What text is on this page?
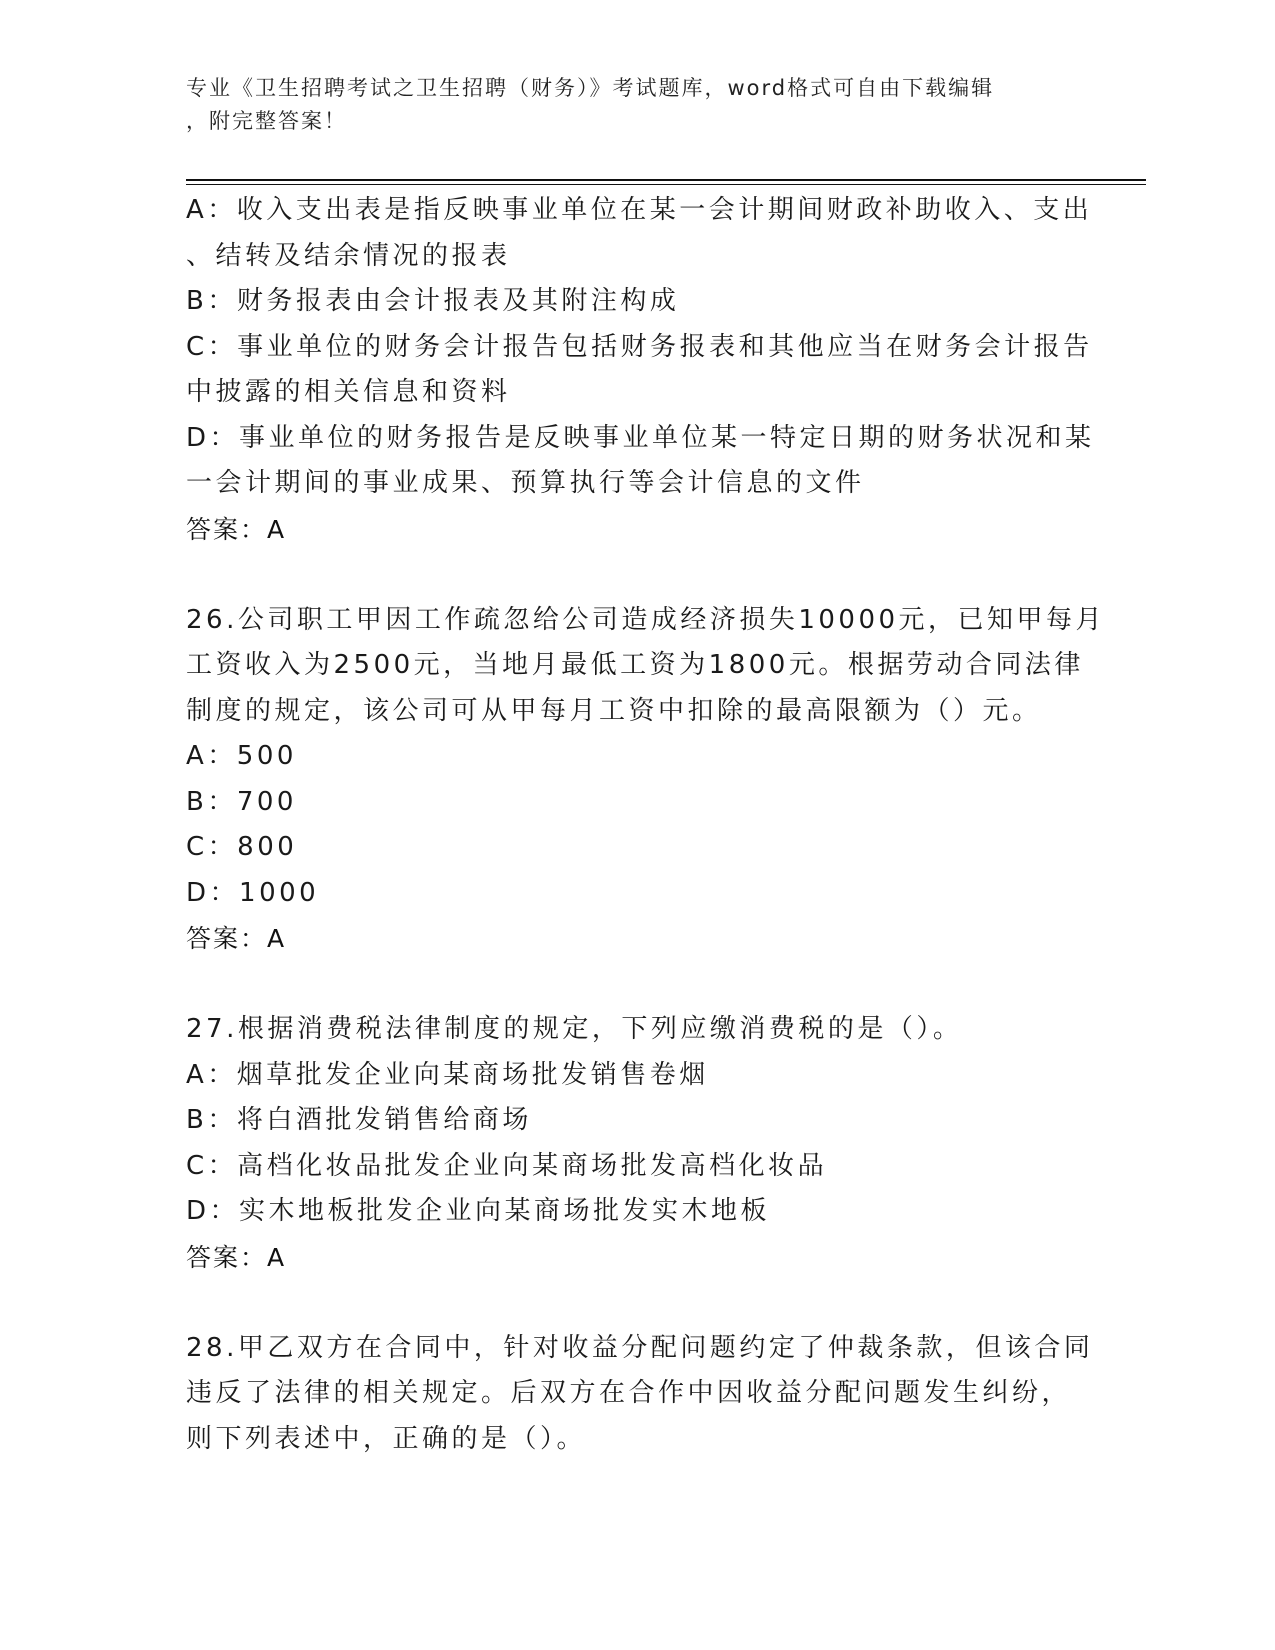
专业《卫生招聘考试之卫生招聘（财务）》考试题库，word格式可自由下载编辑
，附完整答案！
A：收入支出表是指反映事业单位在某一会计期间财政补助收入、支出
、结转及结余情况的报表
B：财务报表由会计报表及其附注构成
C：事业单位的财务会计报告包括财务报表和其他应当在财务会计报告
中披露的相关信息和资料
D：事业单位的财务报告是反映事业单位某一特定日期的财务状况和某
一会计期间的事业成果、预算执行等会计信息的文件
答案：A
26.公司职工甲因工作疏忽给公司造成经济损失10000元，已知甲每月
工资收入为2500元，当地月最低工资为1800元。根据劳动合同法律
制度的规定，该公司可从甲每月工资中扣除的最高限额为（）元。
A：500
B：700
C：800
D：1000
答案：A
27.根据消费税法律制度的规定，下列应缴消费税的是（）。
A：烟草批发企业向某商场批发销售卷烟
B：将白酒批发销售给商场
C：高档化妆品批发企业向某商场批发高档化妆品
D：实木地板批发企业向某商场批发实木地板
答案：A
28.甲乙双方在合同中，针对收益分配问题约定了仲裁条款，但该合同
违反了法律的相关规定。后双方在合作中因收益分配问题发生纠纷，
则下列表述中，正确的是（）。
